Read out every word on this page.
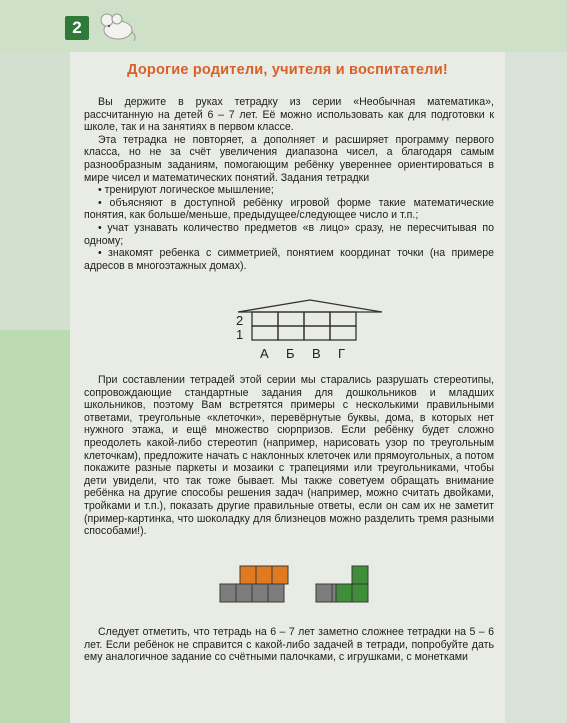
2
Дорогие родители, учителя и воспитатели!

Вы держите в руках тетрадку из серии «Необычная математика», рассчитанную на детей 6 – 7 лет. Её можно использовать как для подготовки к школе, так и на занятиях в первом классе.

Эта тетрадка не повторяет, а дополняет и расширяет программу первого класса, но не за счёт увеличения диапазона чисел, а благодаря самым разнообразным заданиям, помогающим ребёнку увереннее ориентироваться в мире чисел и математических понятий. Задания тетрадки

• тренируют логическое мышление;
• объясняют в доступной ребёнку игровой форме такие математические понятия, как больше/меньше, предыдущее/следующее число и т.п.;
• учат узнавать количество предметов «в лицо» сразу, не пересчитывая по одному;
• знакомят ребенка с симметрией, понятием координат точки (на примере адресов в многоэтажных домах).
2
1
А Б В Г

При составлении тетрадей этой серии мы старались разрушать стереотипы, сопровождающие стандартные задания для дошкольников и младших школьников, поэтому Вам встретятся примеры с несколькими правильными ответами, треугольные «клеточки», перевёрнутые буквы, дома, в которых нет нужного этажа, и ещё множество сюрпризов. Если ребёнку будет сложно преодолеть какой-либо стереотип (например, нарисовать узор по треугольным клеточкам), предложите начать с наклонных клеточек или прямоугольных, а потом покажите разные паркеты и мозаики с трапециями или треугольниками, чтобы дети увидели, что так тоже бывает. Мы также советуем обращать внимание ребёнка на другие способы решения задач (например, можно считать двойками, тройками и т.п.), показать другие правильные ответы, если он сам их не заметит (пример-картинка, что шоколадку для близнецов можно разделить тремя разными способами!).

Следует отметить, что тетрадь на 6 – 7 лет заметно сложнее тетрадки на 5 – 6 лет. Если ребёнок не справится с какой-либо задачей в тетради, попробуйте дать ему аналогичное задание со счётными палочками, с игрушками, с монетками
